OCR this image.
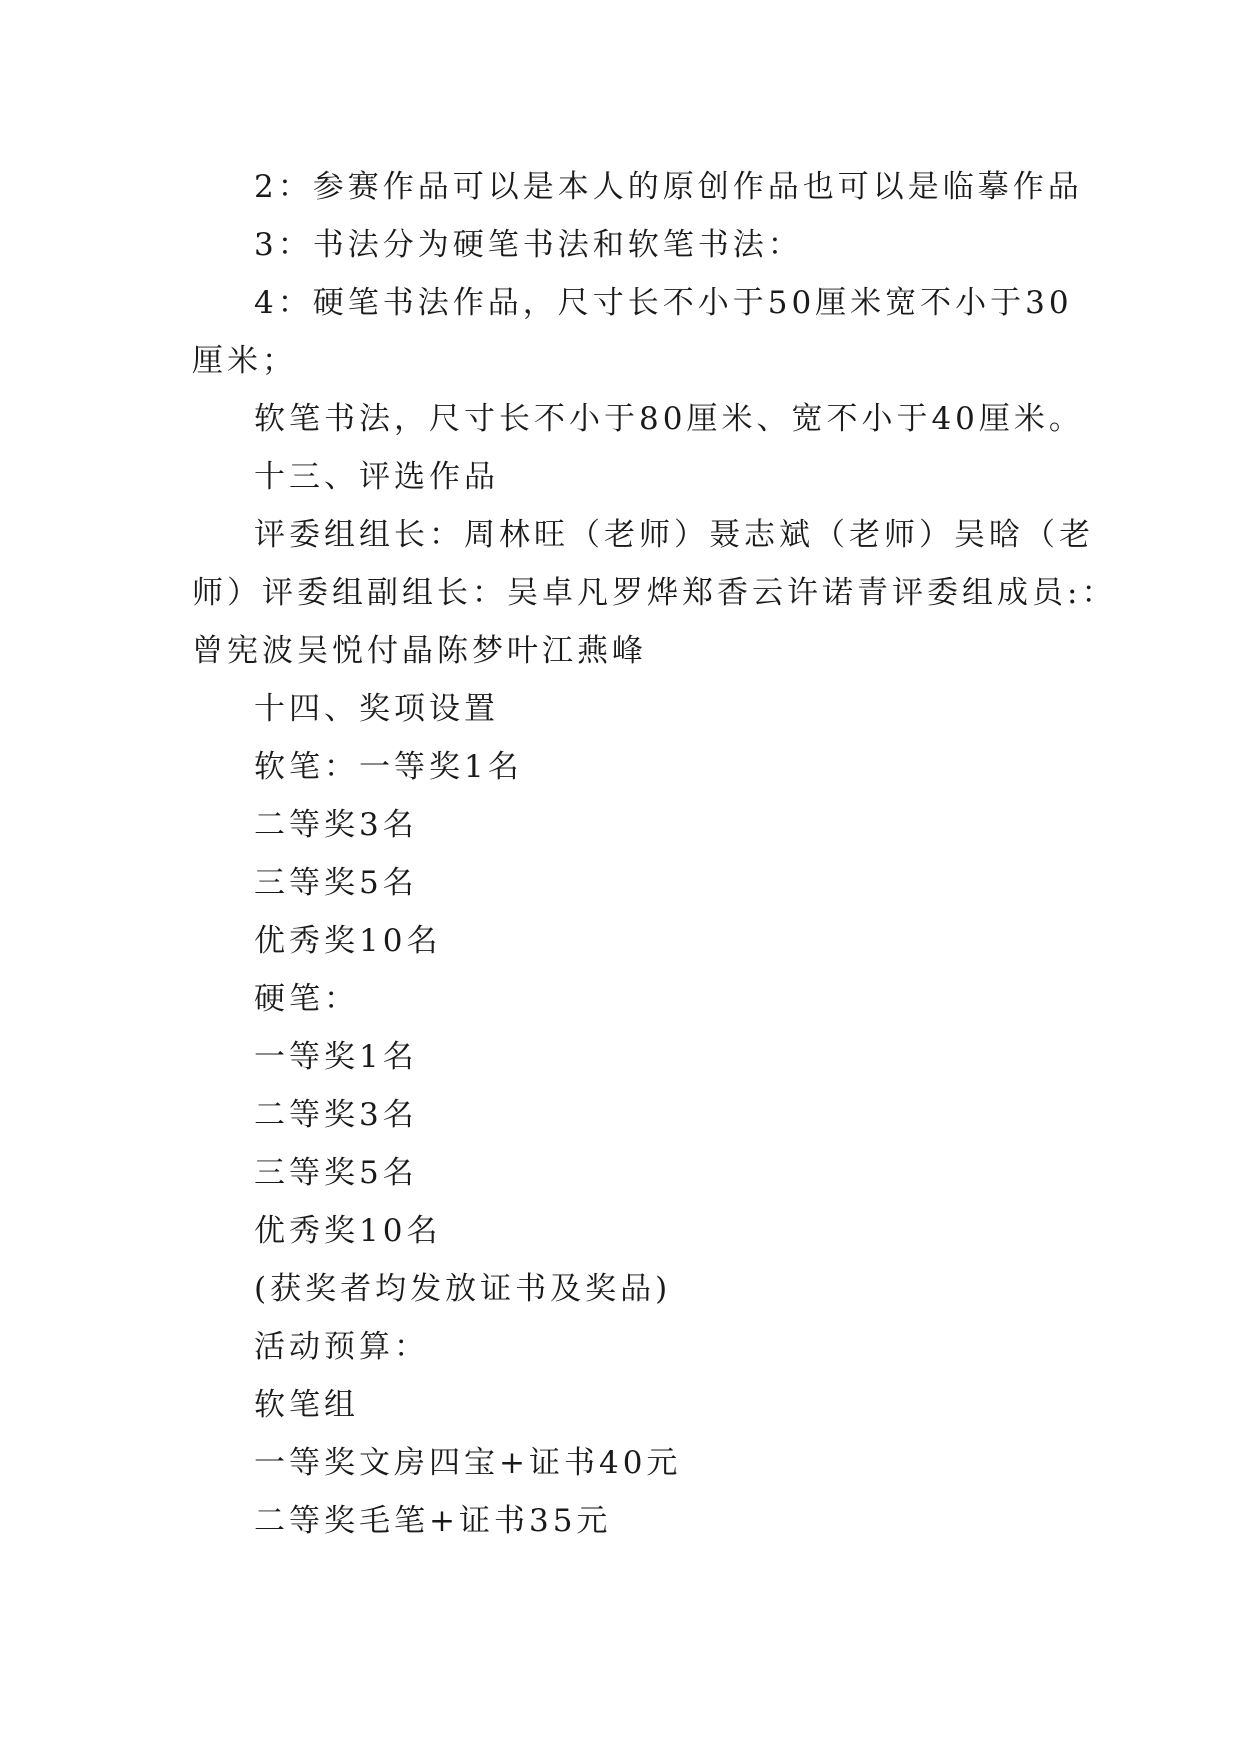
2：参赛作品可以是本人的原创作品也可以是临摹作品
3：书法分为硬笔书法和软笔书法：
4：硬笔书法作品，尺寸长不小于50厘米宽不小于30
厘米；
软笔书法，尺寸长不小于80厘米、宽不小于40厘米。
十三、评选作品
评委组组长：周林旺（老师）聂志斌（老师）吴晗（老
师）评委组副组长：吴卓凡罗烨郑香云许诺青评委组成员:：
曾宪波吴悦付晶陈梦叶江燕峰
十四、奖项设置
软笔：一等奖1名
二等奖3名
三等奖5名
优秀奖10名
硬笔：
一等奖1名
二等奖3名
三等奖5名
优秀奖10名
(获奖者均发放证书及奖品)
活动预算：
软笔组
一等奖文房四宝+证书40元
二等奖毛笔+证书35元
